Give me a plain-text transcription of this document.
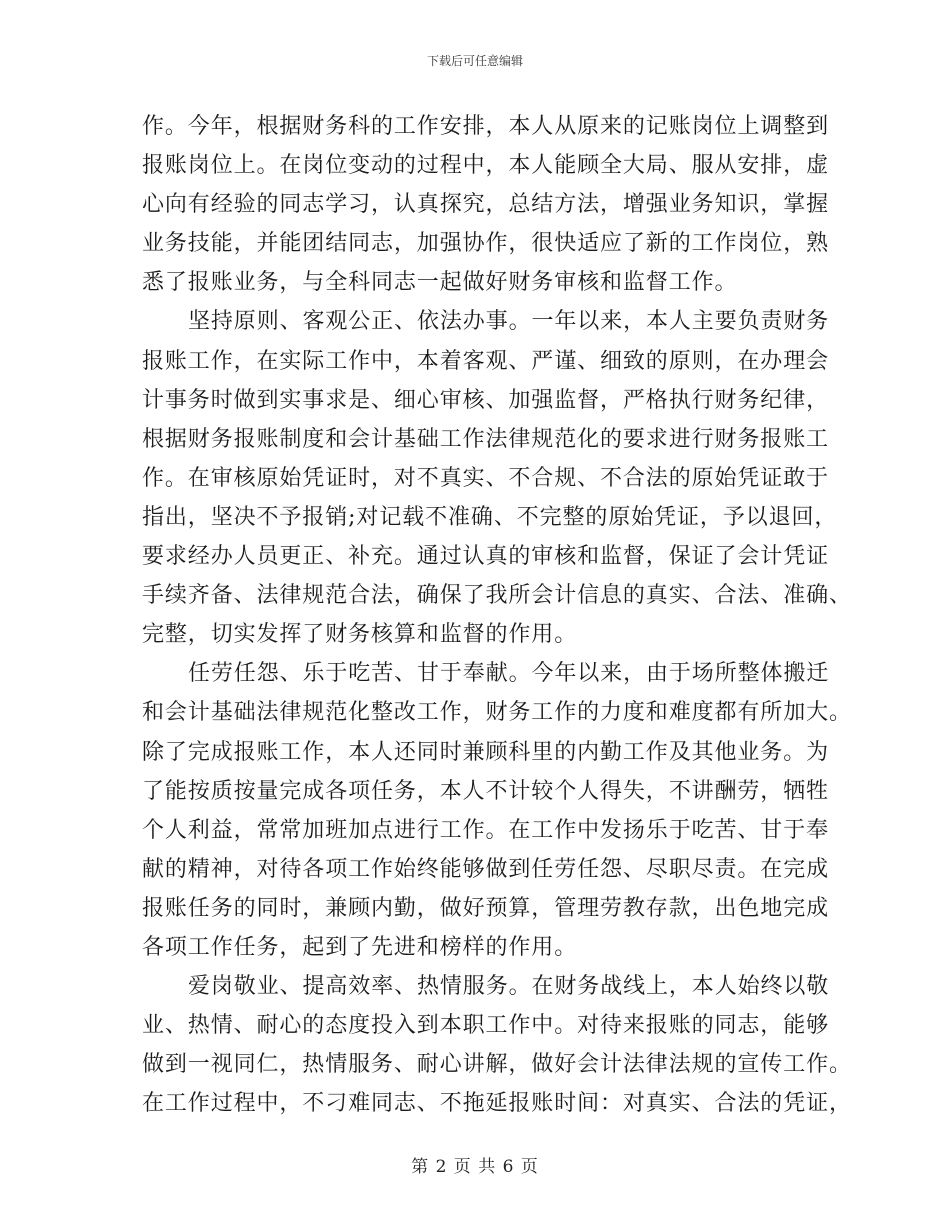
下载后可任意编辑
作。今年，根据财务科的工作安排，本人从原来的记账岗位上调整到
报账岗位上。在岗位变动的过程中，本人能顾全大局、服从安排，虚
心向有经验的同志学习，认真探究，总结方法，增强业务知识，掌握
业务技能，并能团结同志，加强协作，很快适应了新的工作岗位，熟
悉了报账业务，与全科同志一起做好财务审核和监督工作。
坚持原则、客观公正、依法办事。一年以来，本人主要负责财务
报账工作，在实际工作中，本着客观、严谨、细致的原则，在办理会
计事务时做到实事求是、细心审核、加强监督，严格执行财务纪律，
根据财务报账制度和会计基础工作法律规范化的要求进行财务报账工
作。在审核原始凭证时，对不真实、不合规、不合法的原始凭证敢于
指出，坚决不予报销;对记载不准确、不完整的原始凭证，予以退回，
要求经办人员更正、补充。通过认真的审核和监督，保证了会计凭证
手续齐备、法律规范合法，确保了我所会计信息的真实、合法、准确、
完整，切实发挥了财务核算和监督的作用。
任劳任怨、乐于吃苦、甘于奉献。今年以来，由于场所整体搬迁
和会计基础法律规范化整改工作，财务工作的力度和难度都有所加大。
除了完成报账工作，本人还同时兼顾科里的内勤工作及其他业务。为
了能按质按量完成各项任务，本人不计较个人得失，不讲酬劳，牺牲
个人利益，常常加班加点进行工作。在工作中发扬乐于吃苦、甘于奉
献的精神，对待各项工作始终能够做到任劳任怨、尽职尽责。在完成
报账任务的同时，兼顾内勤，做好预算，管理劳教存款，出色地完成
各项工作任务，起到了先进和榜样的作用。
爱岗敬业、提高效率、热情服务。在财务战线上，本人始终以敬
业、热情、耐心的态度投入到本职工作中。对待来报账的同志，能够
做到一视同仁，热情服务、耐心讲解，做好会计法律法规的宣传工作。
在工作过程中，不刁难同志、不拖延报账时间：对真实、合法的凭证，
第 2 页 共 6 页
